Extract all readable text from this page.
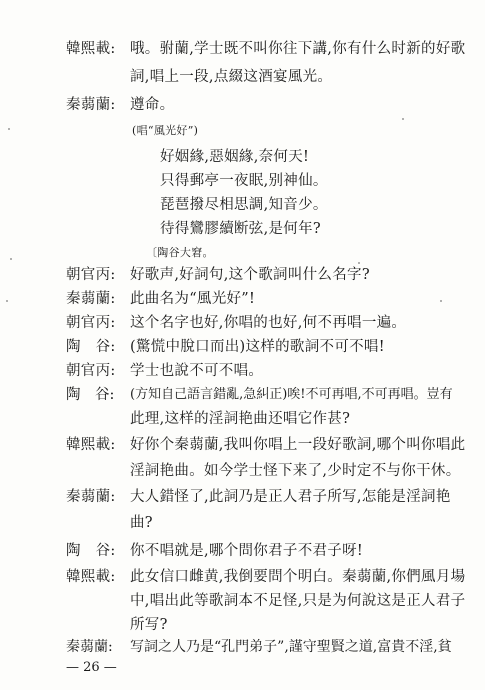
韓熙載: 哦。驸蘭,学士既不叫你往下講,你有什么时新的好歌
詞,唱上一段,点綴这酒宴風光。
秦蒻蘭: 遵命。
(唱“風光好”)
好姻緣,惡姻緣,奈何天!
只得郵亭一夜眠,别神仙。
琵琶撥尽相思調,知音少。
待得鸞膠續断弦,是何年?
〔陶谷大窘。
朝官丙: 好歌声,好詞句,这个歌詞叫什么名字?
秦蒻蘭: 此曲名为“風光好”!
朝官丙: 这个名字也好,你唱的也好,何不再唱一遍。
陶　谷: (驚慌中脫口而出)这样的歌詞不可不唱!
朝官丙: 学士也說不可不唱。
陶　谷: (方知自己語言錯亂,急糾正)唉!不可再唱,不可再唱。豈有
此理,这样的淫詞艳曲还唱它作甚?
韓熙載: 好你个秦蒻蘭,我叫你唱上一段好歌詞,哪个叫你唱此
淫詞艳曲。如今学士怪下来了,少时定不与你干休。
秦蒻蘭: 大人錯怪了,此詞乃是正人君子所写,怎能是淫詞艳
曲?
陶　谷: 你不唱就是,哪个問你君子不君子呀!
韓熙載: 此女信口雌黄,我倒要問个明白。秦蒻蘭,你們風月場
中,唱出此等歌詞本不足怪,只是为何說这是正人君子
所写?
秦蒻蘭: 写詞之人乃是“孔門弟子”,謹守聖賢之道,富貴不淫,貧
— 26 —
